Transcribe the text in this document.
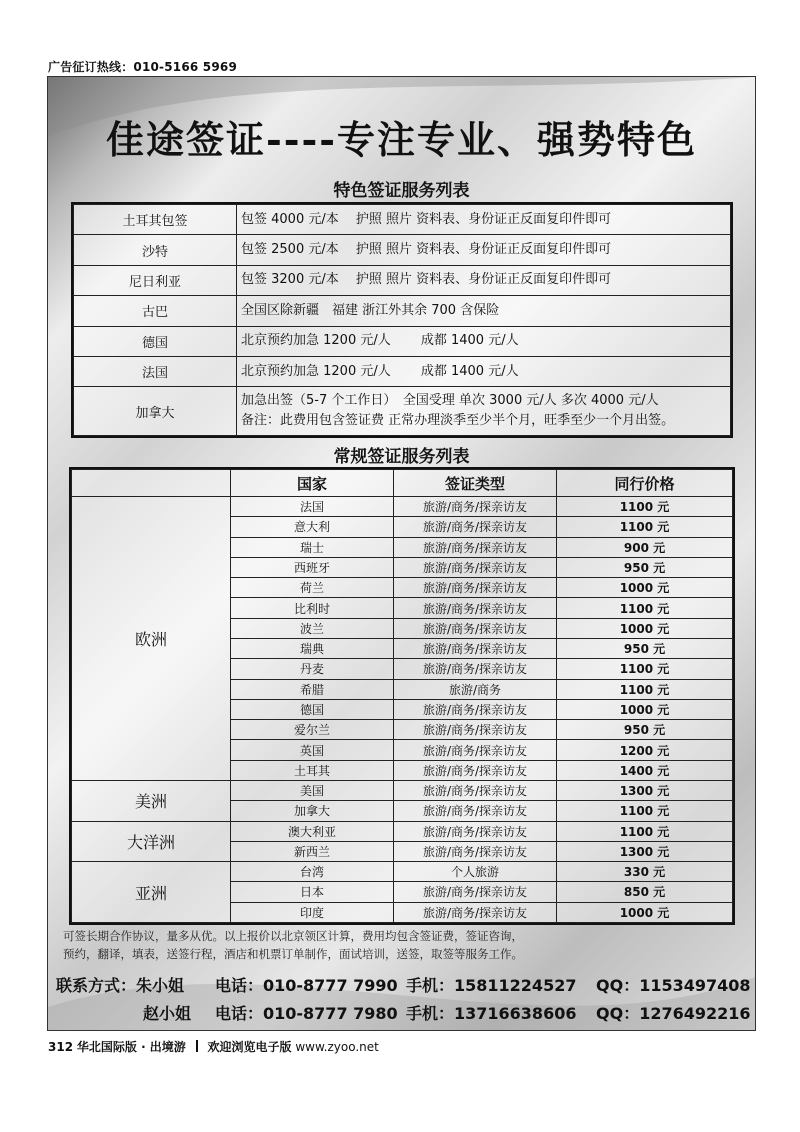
广告征订热线：010-5166 5969
佳途签证----专注专业、强势特色
特色签证服务列表
土耳其包签	包签 4000 元/本　 护照 照片 资料表、身份证正反面复印件即可

沙特	包签 2500 元/本　 护照 照片 资料表、身份证正反面复印件即可

尼日利亚	包签 3200 元/本　 护照 照片 资料表、身份证正反面复印件即可

古巴	全国区除新疆　福建 浙江外其余 700 含保险

德国	北京预约加急 1200 元/人　　 成都 1400 元/人

法国	北京预约加急 1200 元/人　　 成都 1400 元/人

加拿大	加急出签（5-7 个工作日）　全国受理 单次 3000 元/人 多次 4000 元/人
备注：此费用包含签证费 正常办理淡季至少半个月，旺季至少一个月出签。
常规签证服务列表
	国家	签证类型	同行价格
欧洲	法国	旅游/商务/探亲访友	1100 元
	意大利	旅游/商务/探亲访友	1100 元
	瑞士	旅游/商务/探亲访友	900 元
	西班牙	旅游/商务/探亲访友	950 元
	荷兰	旅游/商务/探亲访友	1000 元
	比利时	旅游/商务/探亲访友	1100 元
	波兰	旅游/商务/探亲访友	1000 元
	瑞典	旅游/商务/探亲访友	950 元
	丹麦	旅游/商务/探亲访友	1100 元
	希腊	旅游/商务	1100 元
	德国	旅游/商务/探亲访友	1000 元
	爱尔兰	旅游/商务/探亲访友	950 元
	英国	旅游/商务/探亲访友	1200 元
	土耳其	旅游/商务/探亲访友	1400 元
美洲	美国	旅游/商务/探亲访友	1300 元
	加拿大	旅游/商务/探亲访友	1100 元
大洋洲	澳大利亚	旅游/商务/探亲访友	1100 元
	新西兰	旅游/商务/探亲访友	1300 元
亚洲	台湾	个人旅游	330 元
	日本	旅游/商务/探亲访友	850 元
	印度	旅游/商务/探亲访友	1000 元
可签长期合作协议，量多从优。以上报价以北京领区计算，费用均包含签证费，签证咨询，
预约，翻译，填表，送签行程，酒店和机票订单制作，面试培训，送签，取签等服务工作。
联系方式：朱小姐 电话：010-8777 7990 手机：15811224527 QQ：1153497408
赵小姐 电话：010-8777 7980 手机：13716638606 QQ：1276492216
312 华北国际版 · 出境游 欢迎浏览电子版 www.zyoo.net
